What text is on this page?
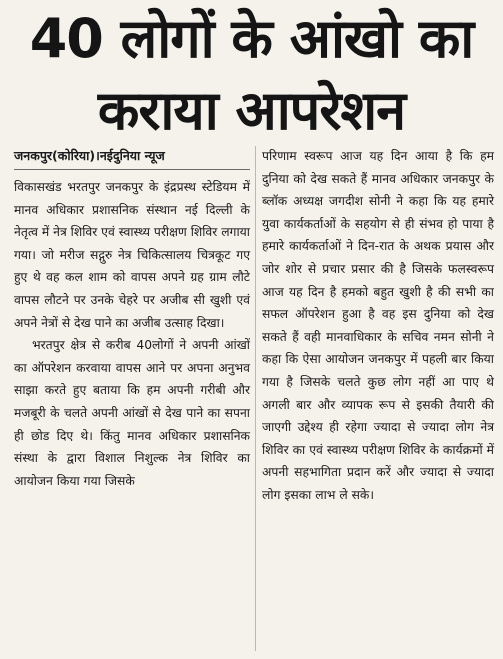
40 लोगों के आंखो का
कराया आपरेशन

जनकपुर(कोरिया)।नईदुनिया न्यूज

विकासखंड भरतपुर जनकपुर के इंद्रप्रस्थ स्टेडियम में मानव अधिकार प्रशासनिक संस्थान नई दिल्ली के नेतृत्व में नेत्र शिविर एवं स्वास्थ्य परीक्षण शिविर लगाया गया। जो मरीज सद्गुरु नेत्र चिकित्सालय चित्रकूट गए हुए थे वह कल शाम को वापस अपने ग्रह ग्राम लौटे वापस लौटने पर उनके चेहरे पर अजीब सी खुशी एवं अपने नेत्रों से देख पाने का अजीब उत्साह दिखा।

भरतपुर क्षेत्र से करीब 40लोगों ने अपनी आंखों का ऑपरेशन करवाया वापस आने पर अपना अनुभव साझा करते हुए बताया कि हम अपनी गरीबी और मजबूरी के चलते अपनी आंखों से देख पाने का सपना ही छोड दिए थे। किंतु मानव अधिकार प्रशासनिक संस्था के द्वारा विशाल निशुल्क नेत्र शिविर का आयोजन किया गया जिसके

परिणाम स्वरूप आज यह दिन आया है कि हम दुनिया को देख सकते हैं मानव अधिकार जनकपुर के ब्लॉक अध्यक्ष जगदीश सोनी ने कहा कि यह हमारे युवा कार्यकर्ताओं के सहयोग से ही संभव हो पाया है हमारे कार्यकर्ताओं ने दिन-रात के अथक प्रयास और जोर शोर से प्रचार प्रसार की है जिसके फलस्वरूप आज यह दिन है हमको बहुत खुशी है की सभी का सफल ऑपरेशन हुआ है वह इस दुनिया को देख सकते हैं वही मानवाधिकार के सचिव नमन सोनी ने कहा कि ऐसा आयोजन जनकपुर में पहली बार किया गया है जिसके चलते कुछ लोग नहीं आ पाए थे अगली बार और व्यापक रूप से इसकी तैयारी की जाएगी उद्देश्य ही रहेगा ज्यादा से ज्यादा लोग नेत्र शिविर का एवं स्वास्थ्य परीक्षण शिविर के कार्यक्रमों में अपनी सहभागिता प्रदान करें और ज्यादा से ज्यादा लोग इसका लाभ ले सके।
